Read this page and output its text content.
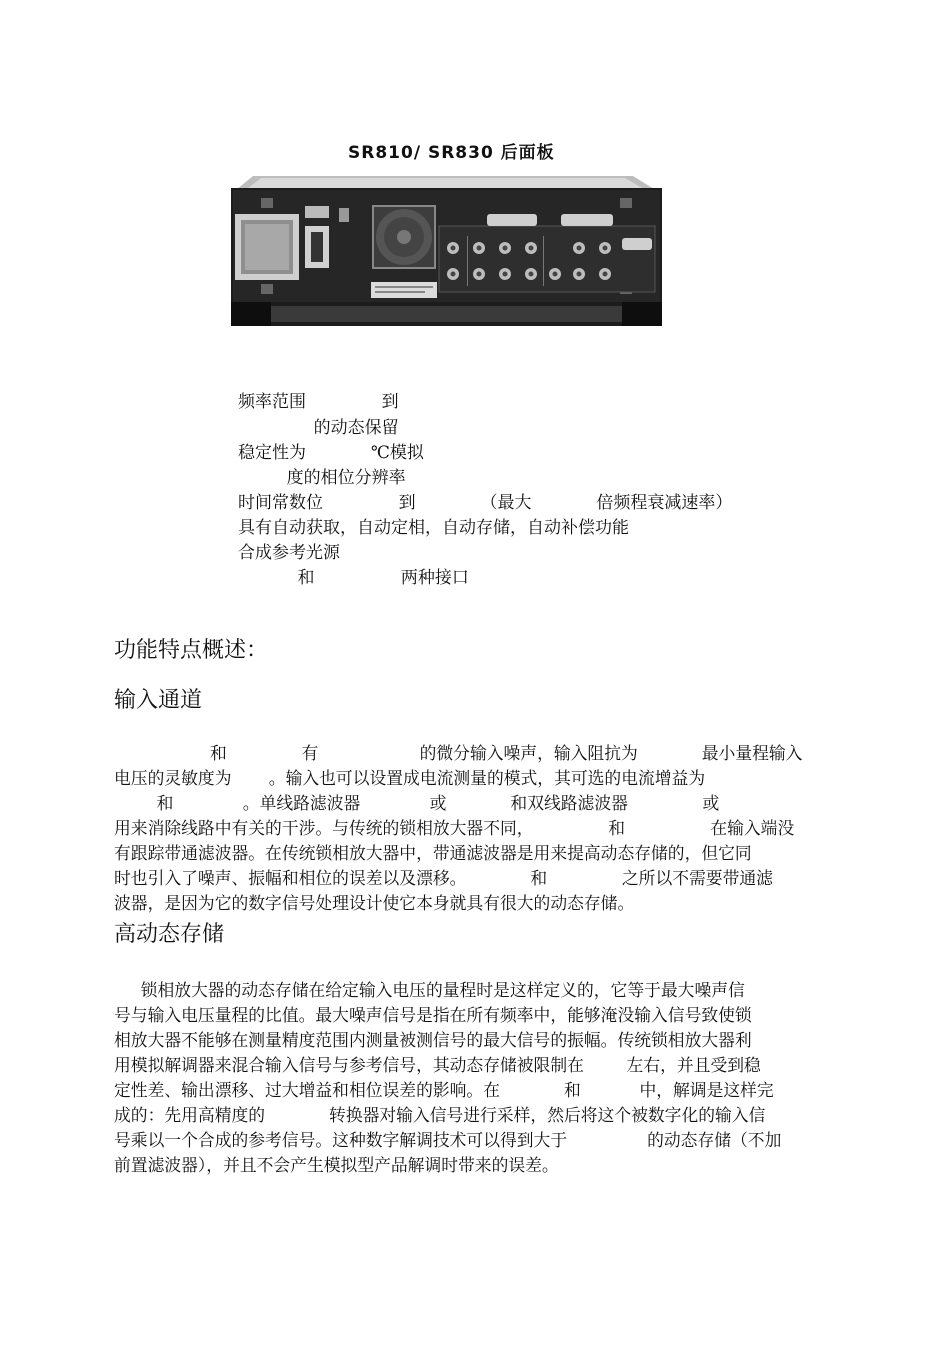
SR810/ SR830 后面板
频率范围              到
的动态保留
稳定性为            ℃模拟
度的相位分辨率
时间常数位              到            （最大            倍频程衰减速率）
具有自动获取，自动定相，自动存储，自动补偿功能
合成参考光源
和                两种接口
功能特点概述：
输入通道
和              有                   的微分输入噪声，输入阻抗为            最小量程输入
电压的灵敏度为       。输入也可以设置成电流测量的模式，其可选的电流增益为
和             。单线路滤波器             或            和双线路滤波器              或
用来消除线路中有关的干涉。与传统的锁相放大器不同，              和                在输入端没
有跟踪带通滤波器。在传统锁相放大器中，带通滤波器是用来提高动态存储的，但它同
时也引入了噪声、振幅和相位的误差以及漂移。            和              之所以不需要带通滤
波器，是因为它的数字信号处理设计使它本身就具有很大的动态存储。
高动态存储
锁相放大器的动态存储在给定输入电压的量程时是这样定义的，它等于最大噪声信
号与输入电压量程的比值。最大噪声信号是指在所有频率中，能够淹没输入信号致使锁
相放大器不能够在测量精度范围内测量被测信号的最大信号的振幅。传统锁相放大器利
用模拟解调器来混合输入信号与参考信号，其动态存储被限制在        左右，并且受到稳
定性差、输出漂移、过大增益和相位误差的影响。在            和           中，解调是这样完
成的：先用高精度的            转换器对输入信号进行采样，然后将这个被数字化的输入信
号乘以一个合成的参考信号。这种数字解调技术可以得到大于               的动态存储（不加
前置滤波器），并且不会产生模拟型产品解调时带来的误差。
